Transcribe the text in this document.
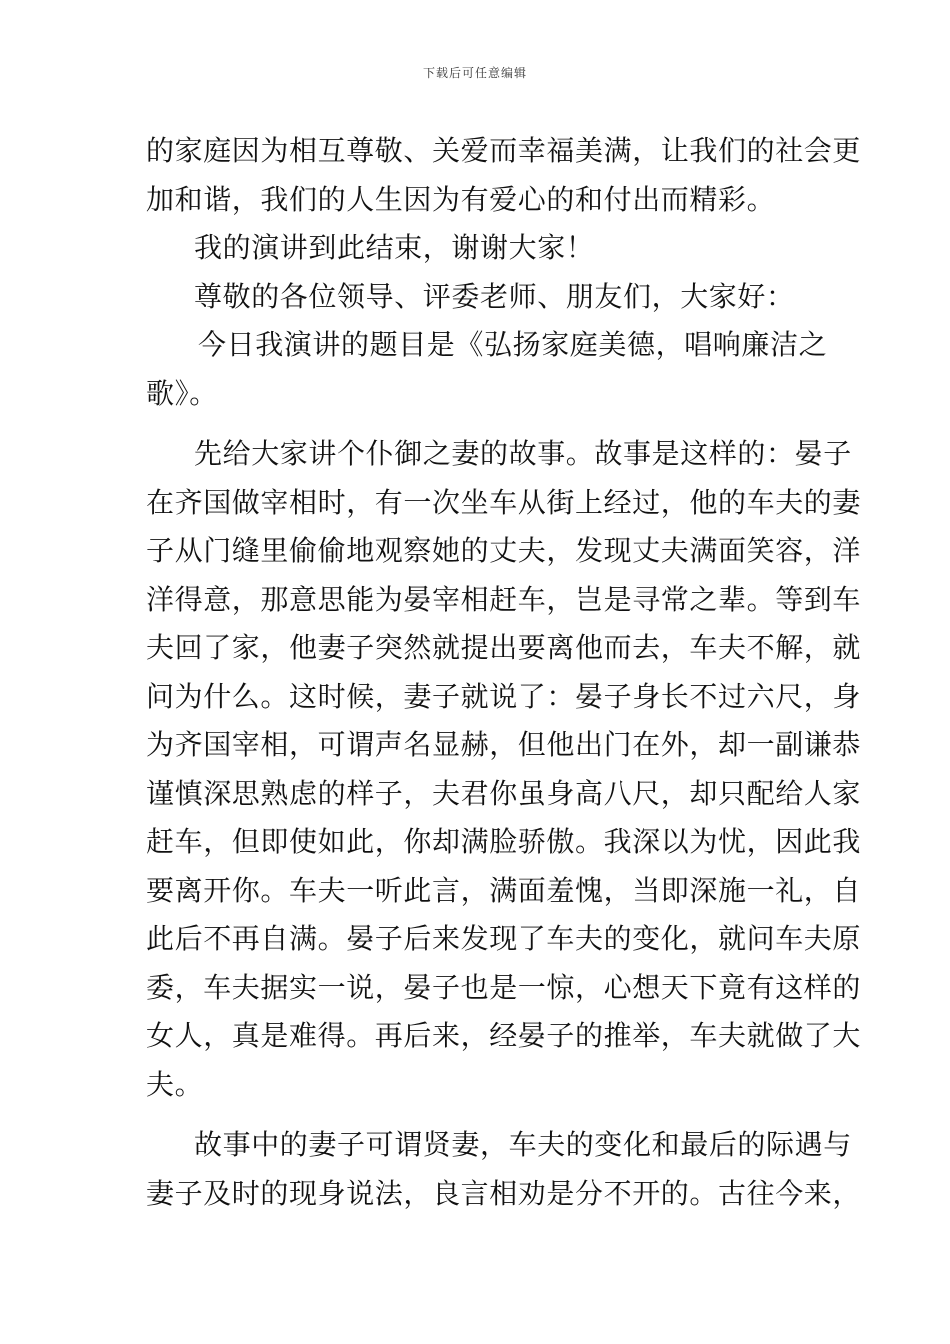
下载后可任意编辑
的家庭因为相互尊敬、关爱而幸福美满，让我们的社会更
加和谐，我们的人生因为有爱心的和付出而精彩。
我的演讲到此结束，谢谢大家！
尊敬的各位领导、评委老师、朋友们，大家好：
今日我演讲的题目是《弘扬家庭美德，唱响廉洁之
歌》。
先给大家讲个仆御之妻的故事。故事是这样的：晏子
在齐国做宰相时，有一次坐车从街上经过，他的车夫的妻
子从门缝里偷偷地观察她的丈夫，发现丈夫满面笑容，洋
洋得意，那意思能为晏宰相赶车，岂是寻常之辈。等到车
夫回了家，他妻子突然就提出要离他而去，车夫不解，就
问为什么。这时候，妻子就说了：晏子身长不过六尺，身
为齐国宰相，可谓声名显赫，但他出门在外，却一副谦恭
谨慎深思熟虑的样子，夫君你虽身高八尺，却只配给人家
赶车，但即使如此，你却满脸骄傲。我深以为忧，因此我
要离开你。车夫一听此言，满面羞愧，当即深施一礼，自
此后不再自满。晏子后来发现了车夫的变化，就问车夫原
委，车夫据实一说，晏子也是一惊，心想天下竟有这样的
女人，真是难得。再后来，经晏子的推举，车夫就做了大
夫。
故事中的妻子可谓贤妻，车夫的变化和最后的际遇与
妻子及时的现身说法，良言相劝是分不开的。古往今来，
